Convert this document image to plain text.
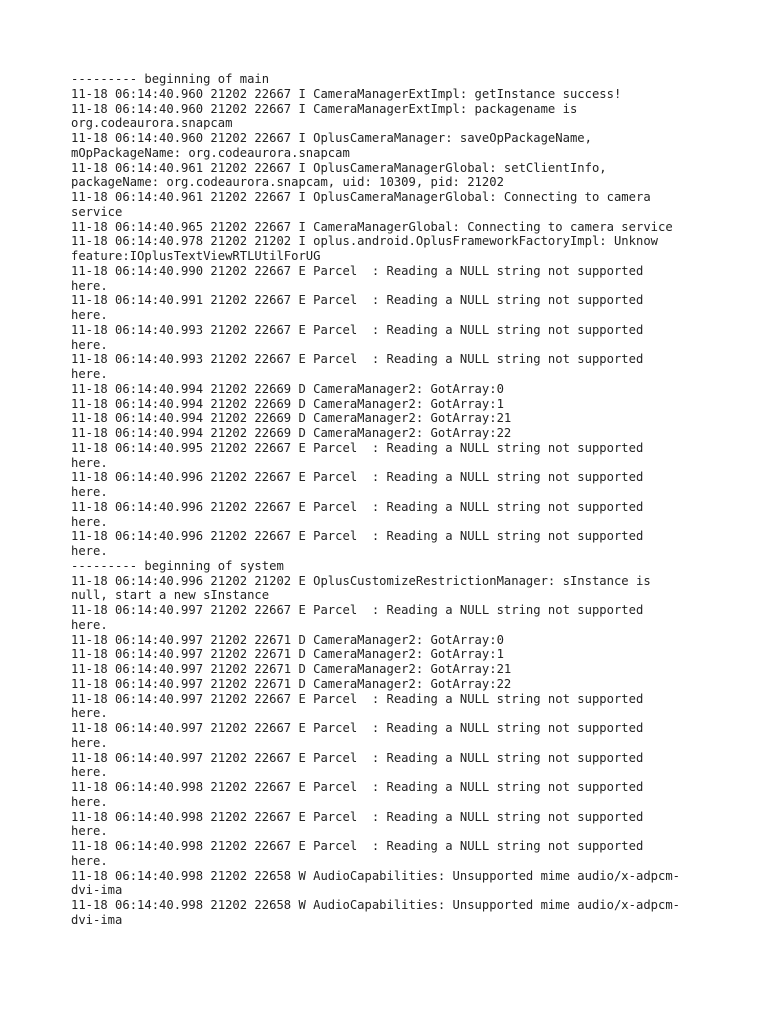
--------- beginning of main
11-18 06:14:40.960 21202 22667 I CameraManagerExtImpl: getInstance success!
11-18 06:14:40.960 21202 22667 I CameraManagerExtImpl: packagename is
org.codeaurora.snapcam
11-18 06:14:40.960 21202 22667 I OplusCameraManager: saveOpPackageName,
mOpPackageName: org.codeaurora.snapcam
11-18 06:14:40.961 21202 22667 I OplusCameraManagerGlobal: setClientInfo,
packageName: org.codeaurora.snapcam, uid: 10309, pid: 21202
11-18 06:14:40.961 21202 22667 I OplusCameraManagerGlobal: Connecting to camera
service
11-18 06:14:40.965 21202 22667 I CameraManagerGlobal: Connecting to camera service
11-18 06:14:40.978 21202 21202 I oplus.android.OplusFrameworkFactoryImpl: Unknow
feature:IOplusTextViewRTLUtilForUG
11-18 06:14:40.990 21202 22667 E Parcel  : Reading a NULL string not supported
here.
11-18 06:14:40.991 21202 22667 E Parcel  : Reading a NULL string not supported
here.
11-18 06:14:40.993 21202 22667 E Parcel  : Reading a NULL string not supported
here.
11-18 06:14:40.993 21202 22667 E Parcel  : Reading a NULL string not supported
here.
11-18 06:14:40.994 21202 22669 D CameraManager2: GotArray:0
11-18 06:14:40.994 21202 22669 D CameraManager2: GotArray:1
11-18 06:14:40.994 21202 22669 D CameraManager2: GotArray:21
11-18 06:14:40.994 21202 22669 D CameraManager2: GotArray:22
11-18 06:14:40.995 21202 22667 E Parcel  : Reading a NULL string not supported
here.
11-18 06:14:40.996 21202 22667 E Parcel  : Reading a NULL string not supported
here.
11-18 06:14:40.996 21202 22667 E Parcel  : Reading a NULL string not supported
here.
11-18 06:14:40.996 21202 22667 E Parcel  : Reading a NULL string not supported
here.
--------- beginning of system
11-18 06:14:40.996 21202 21202 E OplusCustomizeRestrictionManager: sInstance is
null, start a new sInstance
11-18 06:14:40.997 21202 22667 E Parcel  : Reading a NULL string not supported
here.
11-18 06:14:40.997 21202 22671 D CameraManager2: GotArray:0
11-18 06:14:40.997 21202 22671 D CameraManager2: GotArray:1
11-18 06:14:40.997 21202 22671 D CameraManager2: GotArray:21
11-18 06:14:40.997 21202 22671 D CameraManager2: GotArray:22
11-18 06:14:40.997 21202 22667 E Parcel  : Reading a NULL string not supported
here.
11-18 06:14:40.997 21202 22667 E Parcel  : Reading a NULL string not supported
here.
11-18 06:14:40.997 21202 22667 E Parcel  : Reading a NULL string not supported
here.
11-18 06:14:40.998 21202 22667 E Parcel  : Reading a NULL string not supported
here.
11-18 06:14:40.998 21202 22667 E Parcel  : Reading a NULL string not supported
here.
11-18 06:14:40.998 21202 22667 E Parcel  : Reading a NULL string not supported
here.
11-18 06:14:40.998 21202 22658 W AudioCapabilities: Unsupported mime audio/x-adpcm-
dvi-ima
11-18 06:14:40.998 21202 22658 W AudioCapabilities: Unsupported mime audio/x-adpcm-
dvi-ima
